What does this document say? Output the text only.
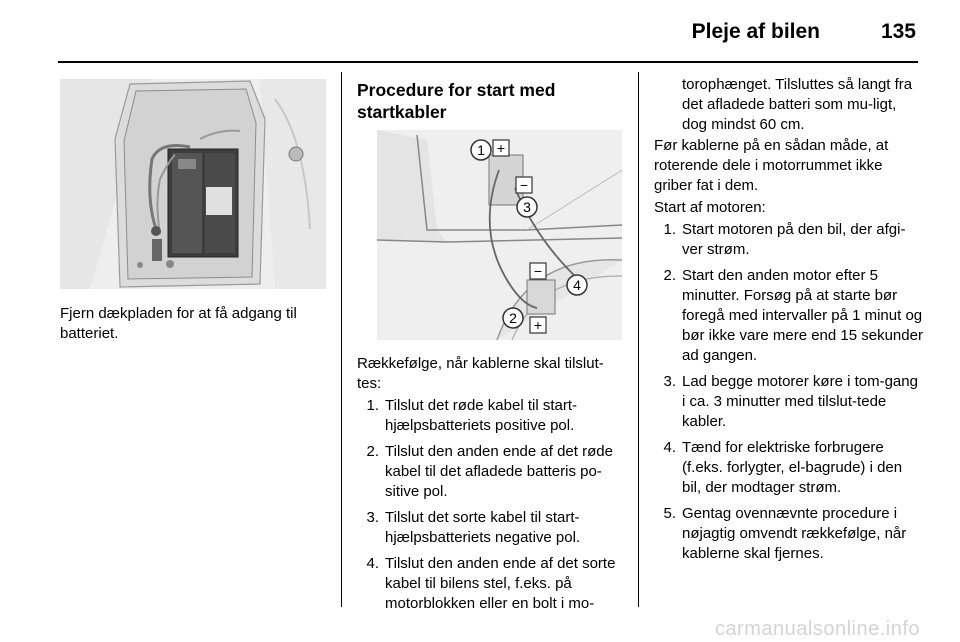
Pleje af bilen	135

Fjern dækpladen for at få adgang til batteriet.

Procedure for start med startkabler
1 +
−
3
−
4
2 +

Rækkefølge, når kablerne skal tilslut-tes:

1. Tilslut det røde kabel til start-hjælpsbatteriets positive pol.
2. Tilslut den anden ende af det røde kabel til det afladede batteris po-sitive pol.
3. Tilslut det sorte kabel til start-hjælpsbatteriets negative pol.
4. Tilslut den anden ende af det sorte kabel til bilens stel, f.eks. på motorblokken eller en bolt i mo-

torophænget. Tilsluttes så langt fra det afladede batteri som mu-ligt, dog mindst 60 cm.

Før kablerne på en sådan måde, at roterende dele i motorrummet ikke griber fat i dem.

Start af motoren:

1. Start motoren på den bil, der afgi-ver strøm.
2. Start den anden motor efter 5 minutter. Forsøg på at starte bør foregå med intervaller på 1 minut og bør ikke vare mere end 15 sekunder ad gangen.
3. Lad begge motorer køre i tom-gang i ca. 3 minutter med tilslut-tede kabler.
4. Tænd for elektriske forbrugere (f.eks. forlygter, el-bagrude) i den bil, der modtager strøm.
5. Gentag ovennævnte procedure i nøjagtig omvendt rækkefølge, når kablerne skal fjernes.
carmanualsonline.info
